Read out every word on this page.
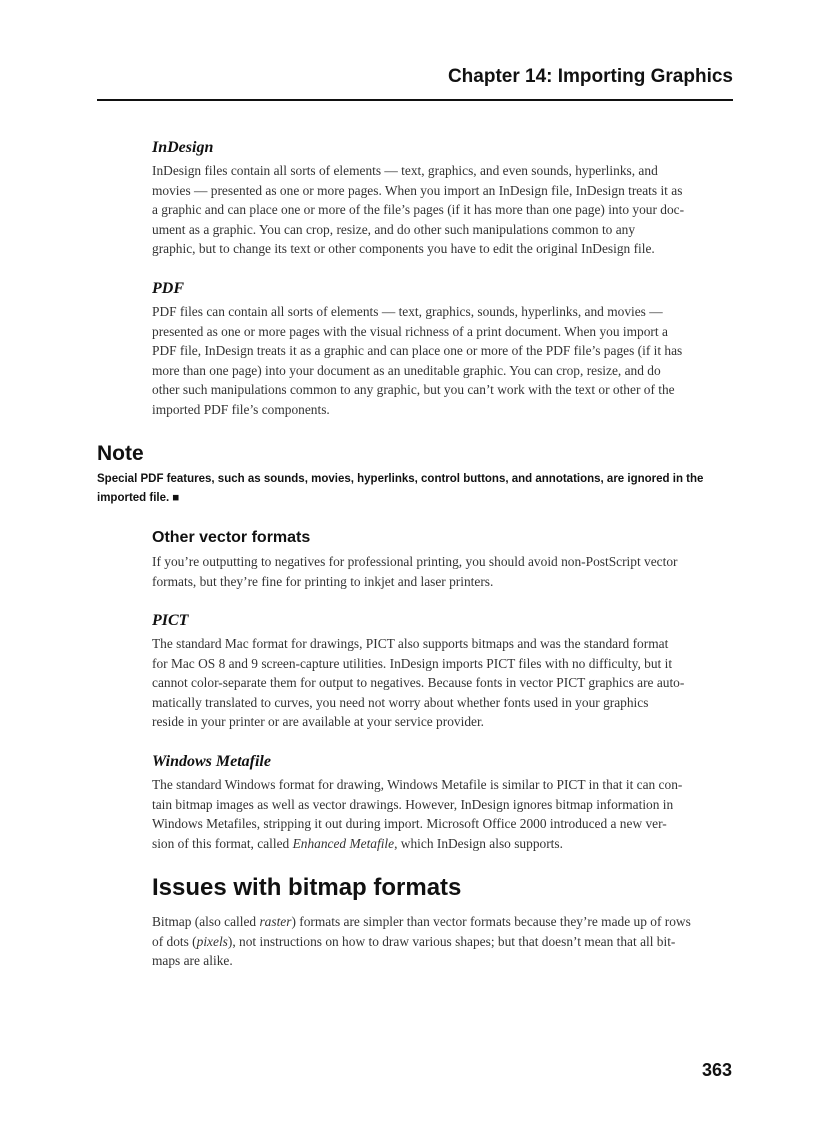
Chapter 14: Importing Graphics
InDesign

InDesign files contain all sorts of elements — text, graphics, and even sounds, hyperlinks, and
movies — presented as one or more pages. When you import an InDesign file, InDesign treats it as
a graphic and can place one or more of the file’s pages (if it has more than one page) into your doc-
ument as a graphic. You can crop, resize, and do other such manipulations common to any
graphic, but to change its text or other components you have to edit the original InDesign file.

PDF

PDF files can contain all sorts of elements — text, graphics, sounds, hyperlinks, and movies —
presented as one or more pages with the visual richness of a print document. When you import a
PDF file, InDesign treats it as a graphic and can place one or more of the PDF file’s pages (if it has
more than one page) into your document as an uneditable graphic. You can crop, resize, and do
other such manipulations common to any graphic, but you can’t work with the text or other of the
imported PDF file’s components.

Note

Special PDF features, such as sounds, movies, hyperlinks, control buttons, and annotations, are ignored in the
imported file. ■

Other vector formats

If you’re outputting to negatives for professional printing, you should avoid non-PostScript vector
formats, but they’re fine for printing to inkjet and laser printers.

PICT

The standard Mac format for drawings, PICT also supports bitmaps and was the standard format
for Mac OS 8 and 9 screen-capture utilities. InDesign imports PICT files with no difficulty, but it
cannot color-separate them for output to negatives. Because fonts in vector PICT graphics are auto-
matically translated to curves, you need not worry about whether fonts used in your graphics
reside in your printer or are available at your service provider.

Windows Metafile

The standard Windows format for drawing, Windows Metafile is similar to PICT in that it can con-
tain bitmap images as well as vector drawings. However, InDesign ignores bitmap information in
Windows Metafiles, stripping it out during import. Microsoft Office 2000 introduced a new ver-
sion of this format, called Enhanced Metafile, which InDesign also supports.

Issues with bitmap formats

Bitmap (also called raster) formats are simpler than vector formats because they’re made up of rows
of dots (pixels), not instructions on how to draw various shapes; but that doesn’t mean that all bit-
maps are alike.

363
